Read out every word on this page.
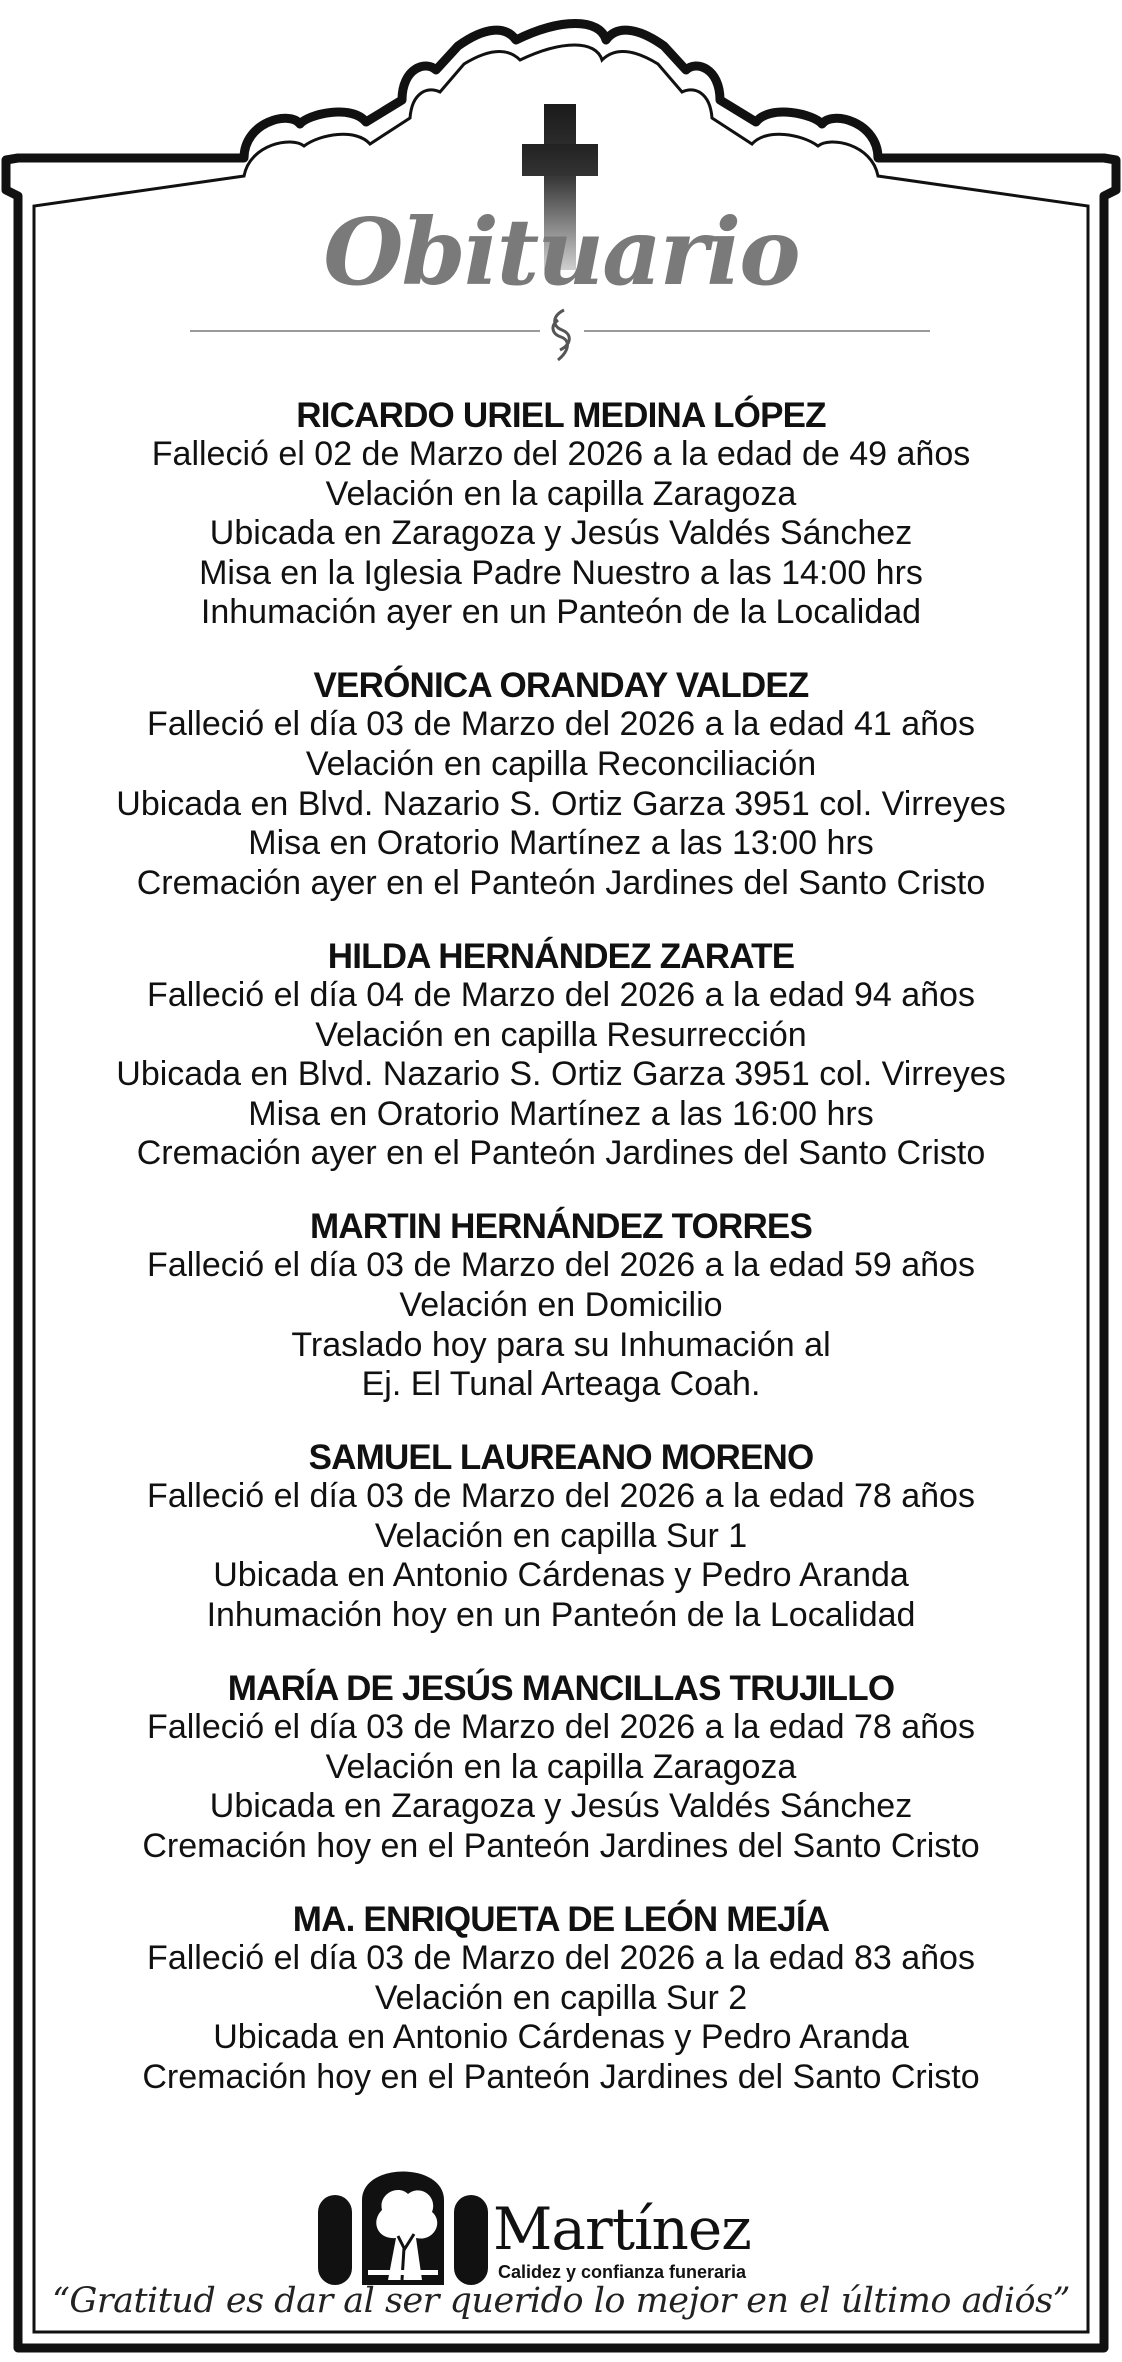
Obituario
RICARDO URIEL MEDINA LÓPEZ
Falleció el 02 de Marzo del 2026 a la edad de 49 años
Velación en la capilla Zaragoza
Ubicada en Zaragoza y Jesús Valdés Sánchez
Misa en la Iglesia Padre Nuestro a las 14:00 hrs
Inhumación ayer en un Panteón de la Localidad
VERÓNICA ORANDAY VALDEZ
Falleció el día 03 de Marzo del 2026 a la edad 41 años
Velación en capilla Reconciliación
Ubicada en Blvd. Nazario S. Ortiz Garza 3951 col. Virreyes
Misa en Oratorio Martínez a las 13:00 hrs
Cremación ayer en el Panteón Jardines del Santo Cristo
HILDA HERNÁNDEZ ZARATE
Falleció el día 04 de Marzo del 2026 a la edad 94 años
Velación en capilla Resurrección
Ubicada en Blvd. Nazario S. Ortiz Garza 3951 col. Virreyes
Misa en Oratorio Martínez a las 16:00 hrs
Cremación ayer en el Panteón Jardines del Santo Cristo
MARTIN HERNÁNDEZ TORRES
Falleció el día 03 de Marzo del 2026 a la edad 59 años
Velación en Domicilio
Traslado hoy para su Inhumación al
Ej. El Tunal Arteaga Coah.
SAMUEL LAUREANO MORENO
Falleció el día 03 de Marzo del 2026 a la edad 78 años
Velación en capilla Sur 1
Ubicada en Antonio Cárdenas y Pedro Aranda
Inhumación hoy en un Panteón de la Localidad
MARÍA DE JESÚS MANCILLAS TRUJILLO
Falleció el día 03 de Marzo del 2026 a la edad 78 años
Velación en la capilla Zaragoza
Ubicada en Zaragoza y Jesús Valdés Sánchez
Cremación hoy en el Panteón Jardines del Santo Cristo
MA. ENRIQUETA DE LEÓN MEJÍA
Falleció el día 03 de Marzo del 2026 a la edad 83 años
Velación en capilla Sur 2
Ubicada en Antonio Cárdenas y Pedro Aranda
Cremación hoy en el Panteón Jardines del Santo Cristo
Martínez
Calidez y confianza funeraria
“Gratitud es dar al ser querido lo mejor en el último adiós”
